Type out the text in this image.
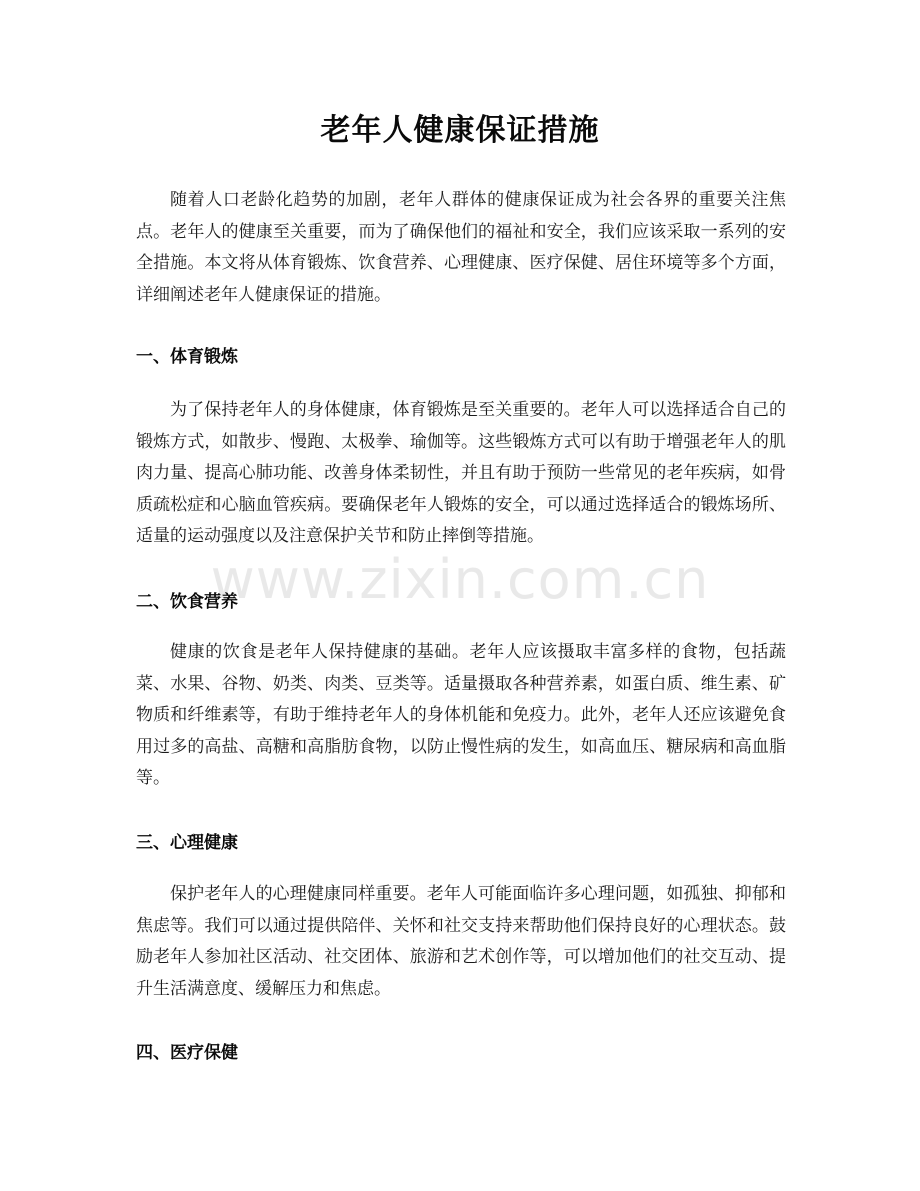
老年人健康保证措施
随着人口老龄化趋势的加剧，老年人群体的健康保证成为社会各界的重要关注焦点。老年人的健康至关重要，而为了确保他们的福祉和安全，我们应该采取一系列的安全措施。本文将从体育锻炼、饮食营养、心理健康、医疗保健、居住环境等多个方面，详细阐述老年人健康保证的措施。
一、体育锻炼
为了保持老年人的身体健康，体育锻炼是至关重要的。老年人可以选择适合自己的锻炼方式，如散步、慢跑、太极拳、瑜伽等。这些锻炼方式可以有助于增强老年人的肌肉力量、提高心肺功能、改善身体柔韧性，并且有助于预防一些常见的老年疾病，如骨质疏松症和心脑血管疾病。要确保老年人锻炼的安全，可以通过选择适合的锻炼场所、适量的运动强度以及注意保护关节和防止摔倒等措施。
二、饮食营养
健康的饮食是老年人保持健康的基础。老年人应该摄取丰富多样的食物，包括蔬菜、水果、谷物、奶类、肉类、豆类等。适量摄取各种营养素，如蛋白质、维生素、矿物质和纤维素等，有助于维持老年人的身体机能和免疫力。此外，老年人还应该避免食用过多的高盐、高糖和高脂肪食物，以防止慢性病的发生，如高血压、糖尿病和高血脂等。
三、心理健康
保护老年人的心理健康同样重要。老年人可能面临许多心理问题，如孤独、抑郁和焦虑等。我们可以通过提供陪伴、关怀和社交支持来帮助他们保持良好的心理状态。鼓励老年人参加社区活动、社交团体、旅游和艺术创作等，可以增加他们的社交互动、提升生活满意度、缓解压力和焦虑。
四、医疗保健
www.zixin.com.cn
